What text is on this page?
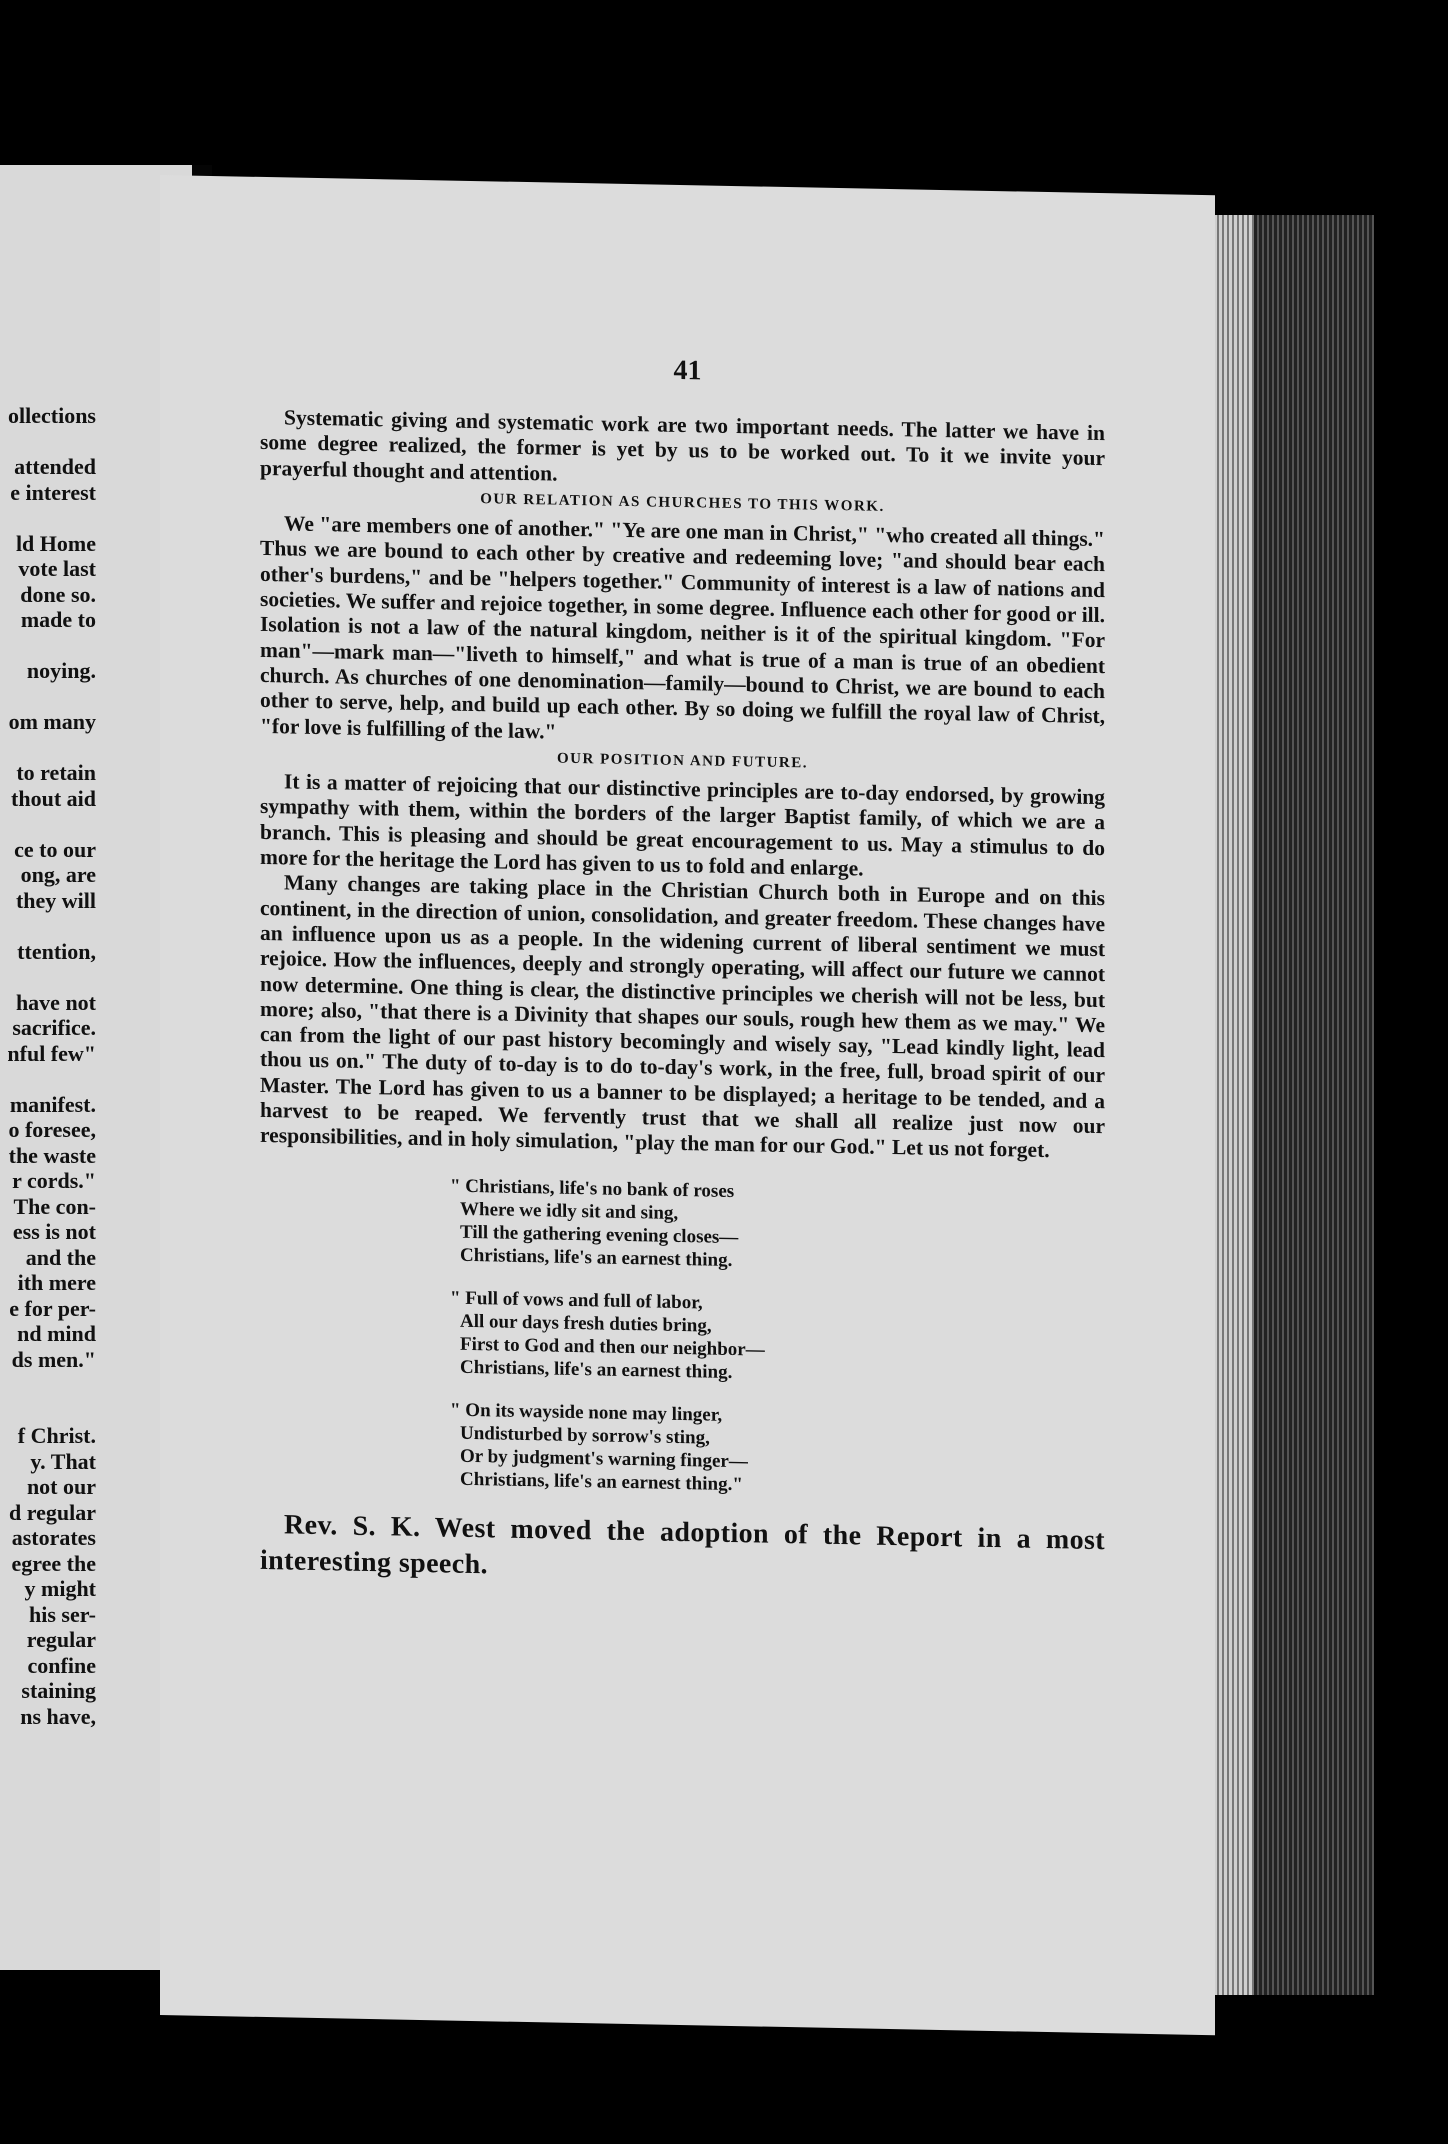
ollections
attended
e interest
ld Home
vote last
done so.
made to
noying.
om many
to retain
thout aid
ce to our
ong, are
they will
ttention,
have not
sacrifice.
nful few"
manifest.
o foresee,
the waste
r cords."
The con-
ess is not
and the
ith mere
e for per-
nd mind
ds men."
f Christ.
y. That
not our
d regular
astorates
egree the
y might
his ser-
regular
confine
staining
ns have,
41

Systematic giving and systematic work are two important needs. The latter we have in some degree realized, the former is yet by us to be worked out. To it we invite your prayerful thought and attention.

OUR RELATION AS CHURCHES TO THIS WORK.

We "are members one of another." "Ye are one man in Christ," "who created all things." Thus we are bound to each other by creative and redeeming love; "and should bear each other's burdens," and be "helpers together." Community of interest is a law of nations and societies. We suffer and rejoice together, in some degree. Influence each other for good or ill. Isolation is not a law of the natural kingdom, neither is it of the spiritual kingdom. "For man"—mark man—"liveth to himself," and what is true of a man is true of an obedient church. As churches of one denomination—family—bound to Christ, we are bound to each other to serve, help, and build up each other. By so doing we fulfill the royal law of Christ, "for love is fulfilling of the law."

OUR POSITION AND FUTURE.

It is a matter of rejoicing that our distinctive principles are to-day endorsed, by growing sympathy with them, within the borders of the larger Baptist family, of which we are a branch. This is pleasing and should be great encouragement to us. May a stimulus to do more for the heritage the Lord has given to us to fold and enlarge.

Many changes are taking place in the Christian Church both in Europe and on this continent, in the direction of union, consolidation, and greater freedom. These changes have an influence upon us as a people. In the widening current of liberal sentiment we must rejoice. How the influences, deeply and strongly operating, will affect our future we cannot now determine. One thing is clear, the distinctive principles we cherish will not be less, but more; also, "that there is a Divinity that shapes our souls, rough hew them as we may." We can from the light of our past history becomingly and wisely say, "Lead kindly light, lead thou us on." The duty of to-day is to do to-day's work, in the free, full, broad spirit of our Master. The Lord has given to us a banner to be displayed; a heritage to be tended, and a harvest to be reaped. We fervently trust that we shall all realize just now our responsibilities, and in holy simulation, "play the man for our God." Let us not forget.

" Christians, life's no bank of roses
Where we idly sit and sing,
Till the gathering evening closes—
Christians, life's an earnest thing.
" Full of vows and full of labor,
All our days fresh duties bring,
First to God and then our neighbor—
Christians, life's an earnest thing.
" On its wayside none may linger,
Undisturbed by sorrow's sting,
Or by judgment's warning finger—
Christians, life's an earnest thing."

Rev. S. K. West moved the adoption of the Report in a most interesting speech.
